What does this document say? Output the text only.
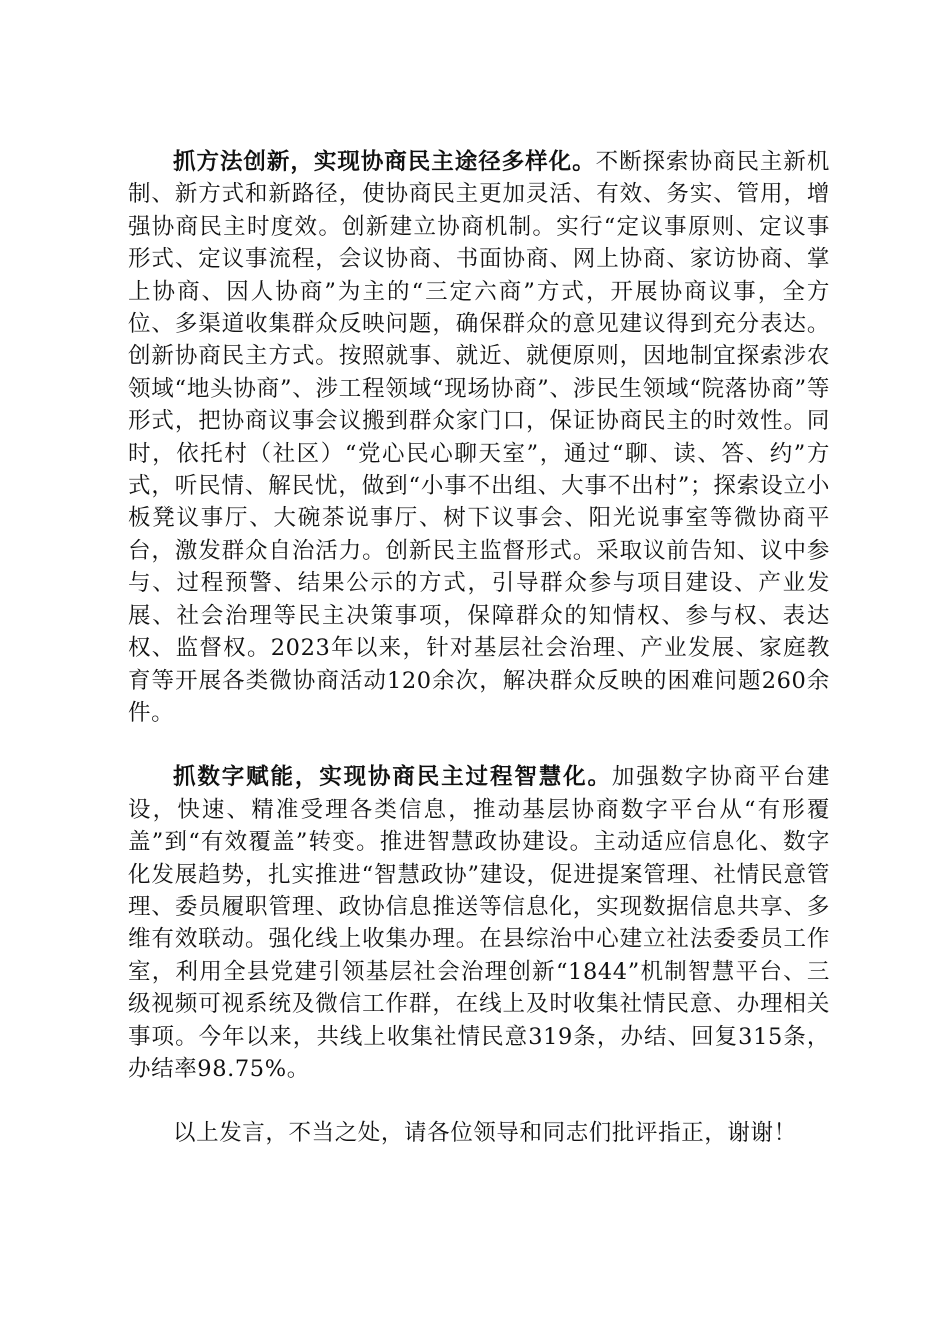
抓方法创新，实现协商民主途径多样化。不断探索协商民主新机制、新方式和新路径，使协商民主更加灵活、有效、务实、管用，增强协商民主时度效。创新建立协商机制。实行“定议事原则、定议事形式、定议事流程，会议协商、书面协商、网上协商、家访协商、掌上协商、因人协商”为主的“三定六商”方式，开展协商议事，全方位、多渠道收集群众反映问题，确保群众的意见建议得到充分表达。创新协商民主方式。按照就事、就近、就便原则，因地制宜探索涉农领域“地头协商”、涉工程领域“现场协商”、涉民生领域“院落协商”等形式，把协商议事会议搬到群众家门口，保证协商民主的时效性。同时，依托村（社区）“党心民心聊天室”，通过“聊、读、答、约”方式，听民情、解民忧，做到“小事不出组、大事不出村”；探索设立小板凳议事厅、大碗茶说事厅、树下议事会、阳光说事室等微协商平台，激发群众自治活力。创新民主监督形式。采取议前告知、议中参与、过程预警、结果公示的方式，引导群众参与项目建设、产业发展、社会治理等民主决策事项，保障群众的知情权、参与权、表达权、监督权。2023年以来，针对基层社会治理、产业发展、家庭教育等开展各类微协商活动120余次，解决群众反映的困难问题260余件。

抓数字赋能，实现协商民主过程智慧化。加强数字协商平台建设，快速、精准受理各类信息，推动基层协商数字平台从“有形覆盖”到“有效覆盖”转变。推进智慧政协建设。主动适应信息化、数字化发展趋势，扎实推进“智慧政协”建设，促进提案管理、社情民意管理、委员履职管理、政协信息推送等信息化，实现数据信息共享、多维有效联动。强化线上收集办理。在县综治中心建立社法委委员工作室，利用全县党建引领基层社会治理创新“1844”机制智慧平台、三级视频可视系统及微信工作群，在线上及时收集社情民意、办理相关事项。今年以来，共线上收集社情民意319条，办结、回复315条，办结率98.75%。

以上发言，不当之处，请各位领导和同志们批评指正，谢谢！
